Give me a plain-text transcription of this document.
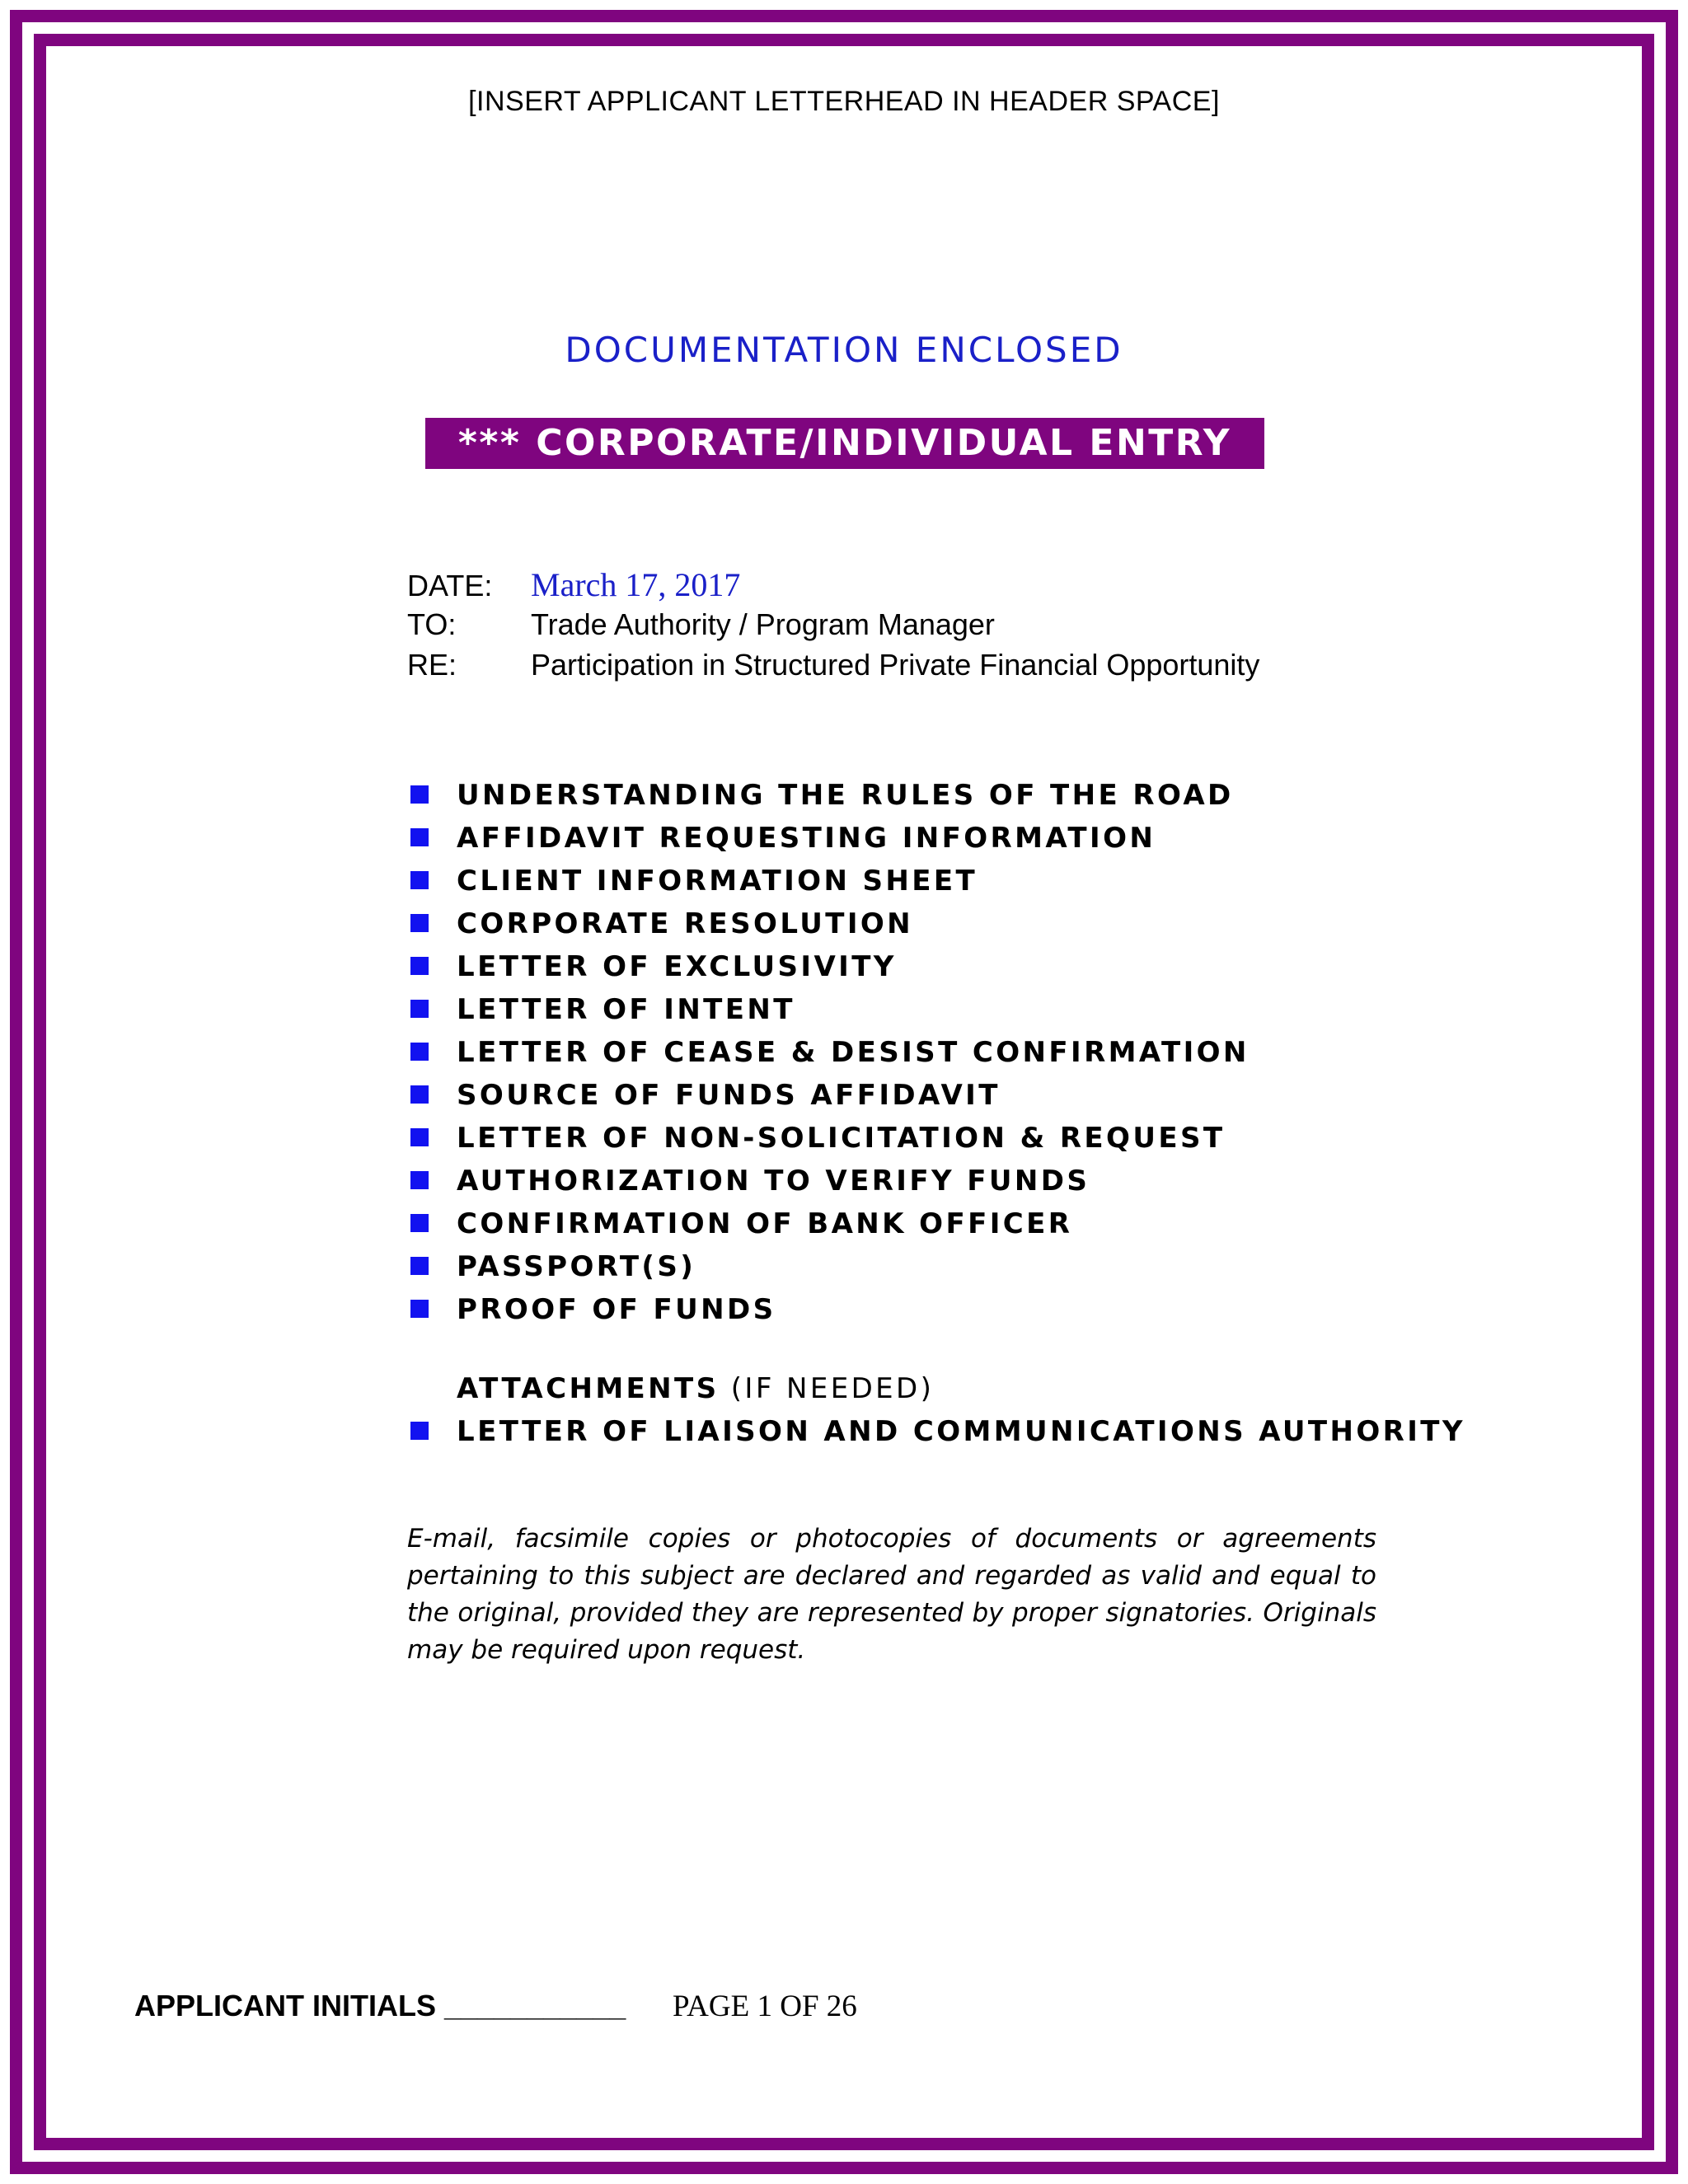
[INSERT APPLICANT LETTERHEAD IN HEADER SPACE]
DOCUMENTATION ENCLOSED
*** CORPORATE/INDIVIDUAL ENTRY ***
DATE: March 17, 2017
TO:	Trade Authority / Program Manager
RE: Participation in Structured Private Financial Opportunity
UNDERSTANDING THE RULES OF THE ROAD
AFFIDAVIT REQUESTING INFORMATION
CLIENT INFORMATION SHEET
CORPORATE RESOLUTION
LETTER OF EXCLUSIVITY
LETTER OF INTENT
LETTER OF CEASE & DESIST CONFIRMATION
SOURCE OF FUNDS AFFIDAVIT
LETTER OF NON-SOLICITATION & REQUEST
AUTHORIZATION TO VERIFY FUNDS
CONFIRMATION OF BANK OFFICER
PASSPORT(S)
PROOF OF FUNDS
ATTACHMENTS (IF NEEDED)
LETTER OF LIAISON AND COMMUNICATIONS AUTHORITY
E-mail, facsimile copies or photocopies of documents or agreements pertaining to this subject are declared and regarded as valid and equal to the original, provided they are represented by proper signatories. Originals may be required upon request.
APPLICANT INITIALS ___________ PAGE 1 OF 26
